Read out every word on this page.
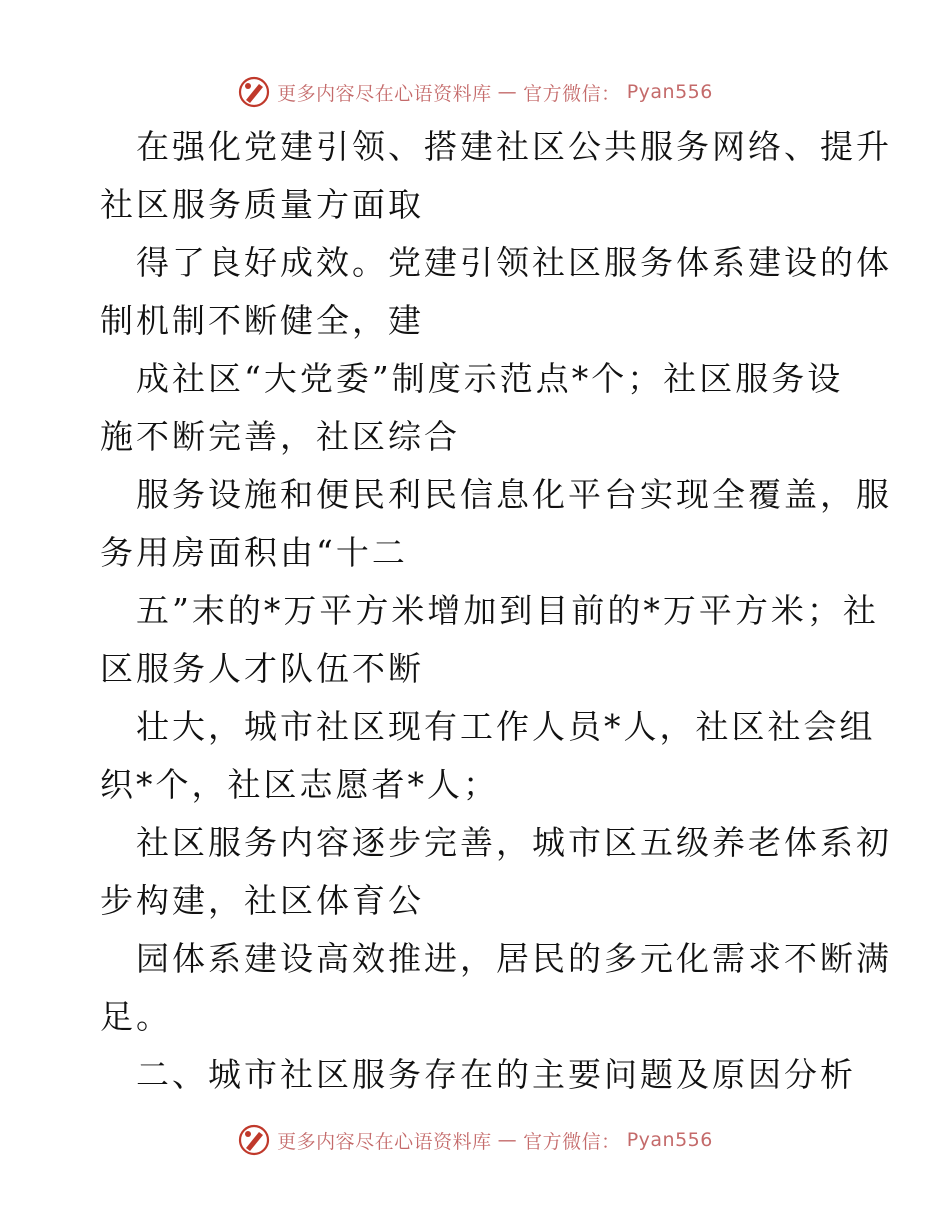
更多内容尽在心语资料库 — 官方微信： Pyan556
在强化党建引领、搭建社区公共服务网络、提升
社区服务质量方面取
得了良好成效。党建引领社区服务体系建设的体
制机制不断健全，建
成社区“大党委”制度示范点*个；社区服务设
施不断完善，社区综合
服务设施和便民利民信息化平台实现全覆盖，服
务用房面积由“十二
五”末的*万平方米增加到目前的*万平方米；社
区服务人才队伍不断
壮大，城市社区现有工作人员*人，社区社会组
织*个，社区志愿者*人；
社区服务内容逐步完善，城市区五级养老体系初
步构建，社区体育公
园体系建设高效推进，居民的多元化需求不断满
足。
二、城市社区服务存在的主要问题及原因分析
更多内容尽在心语资料库 — 官方微信： Pyan556
